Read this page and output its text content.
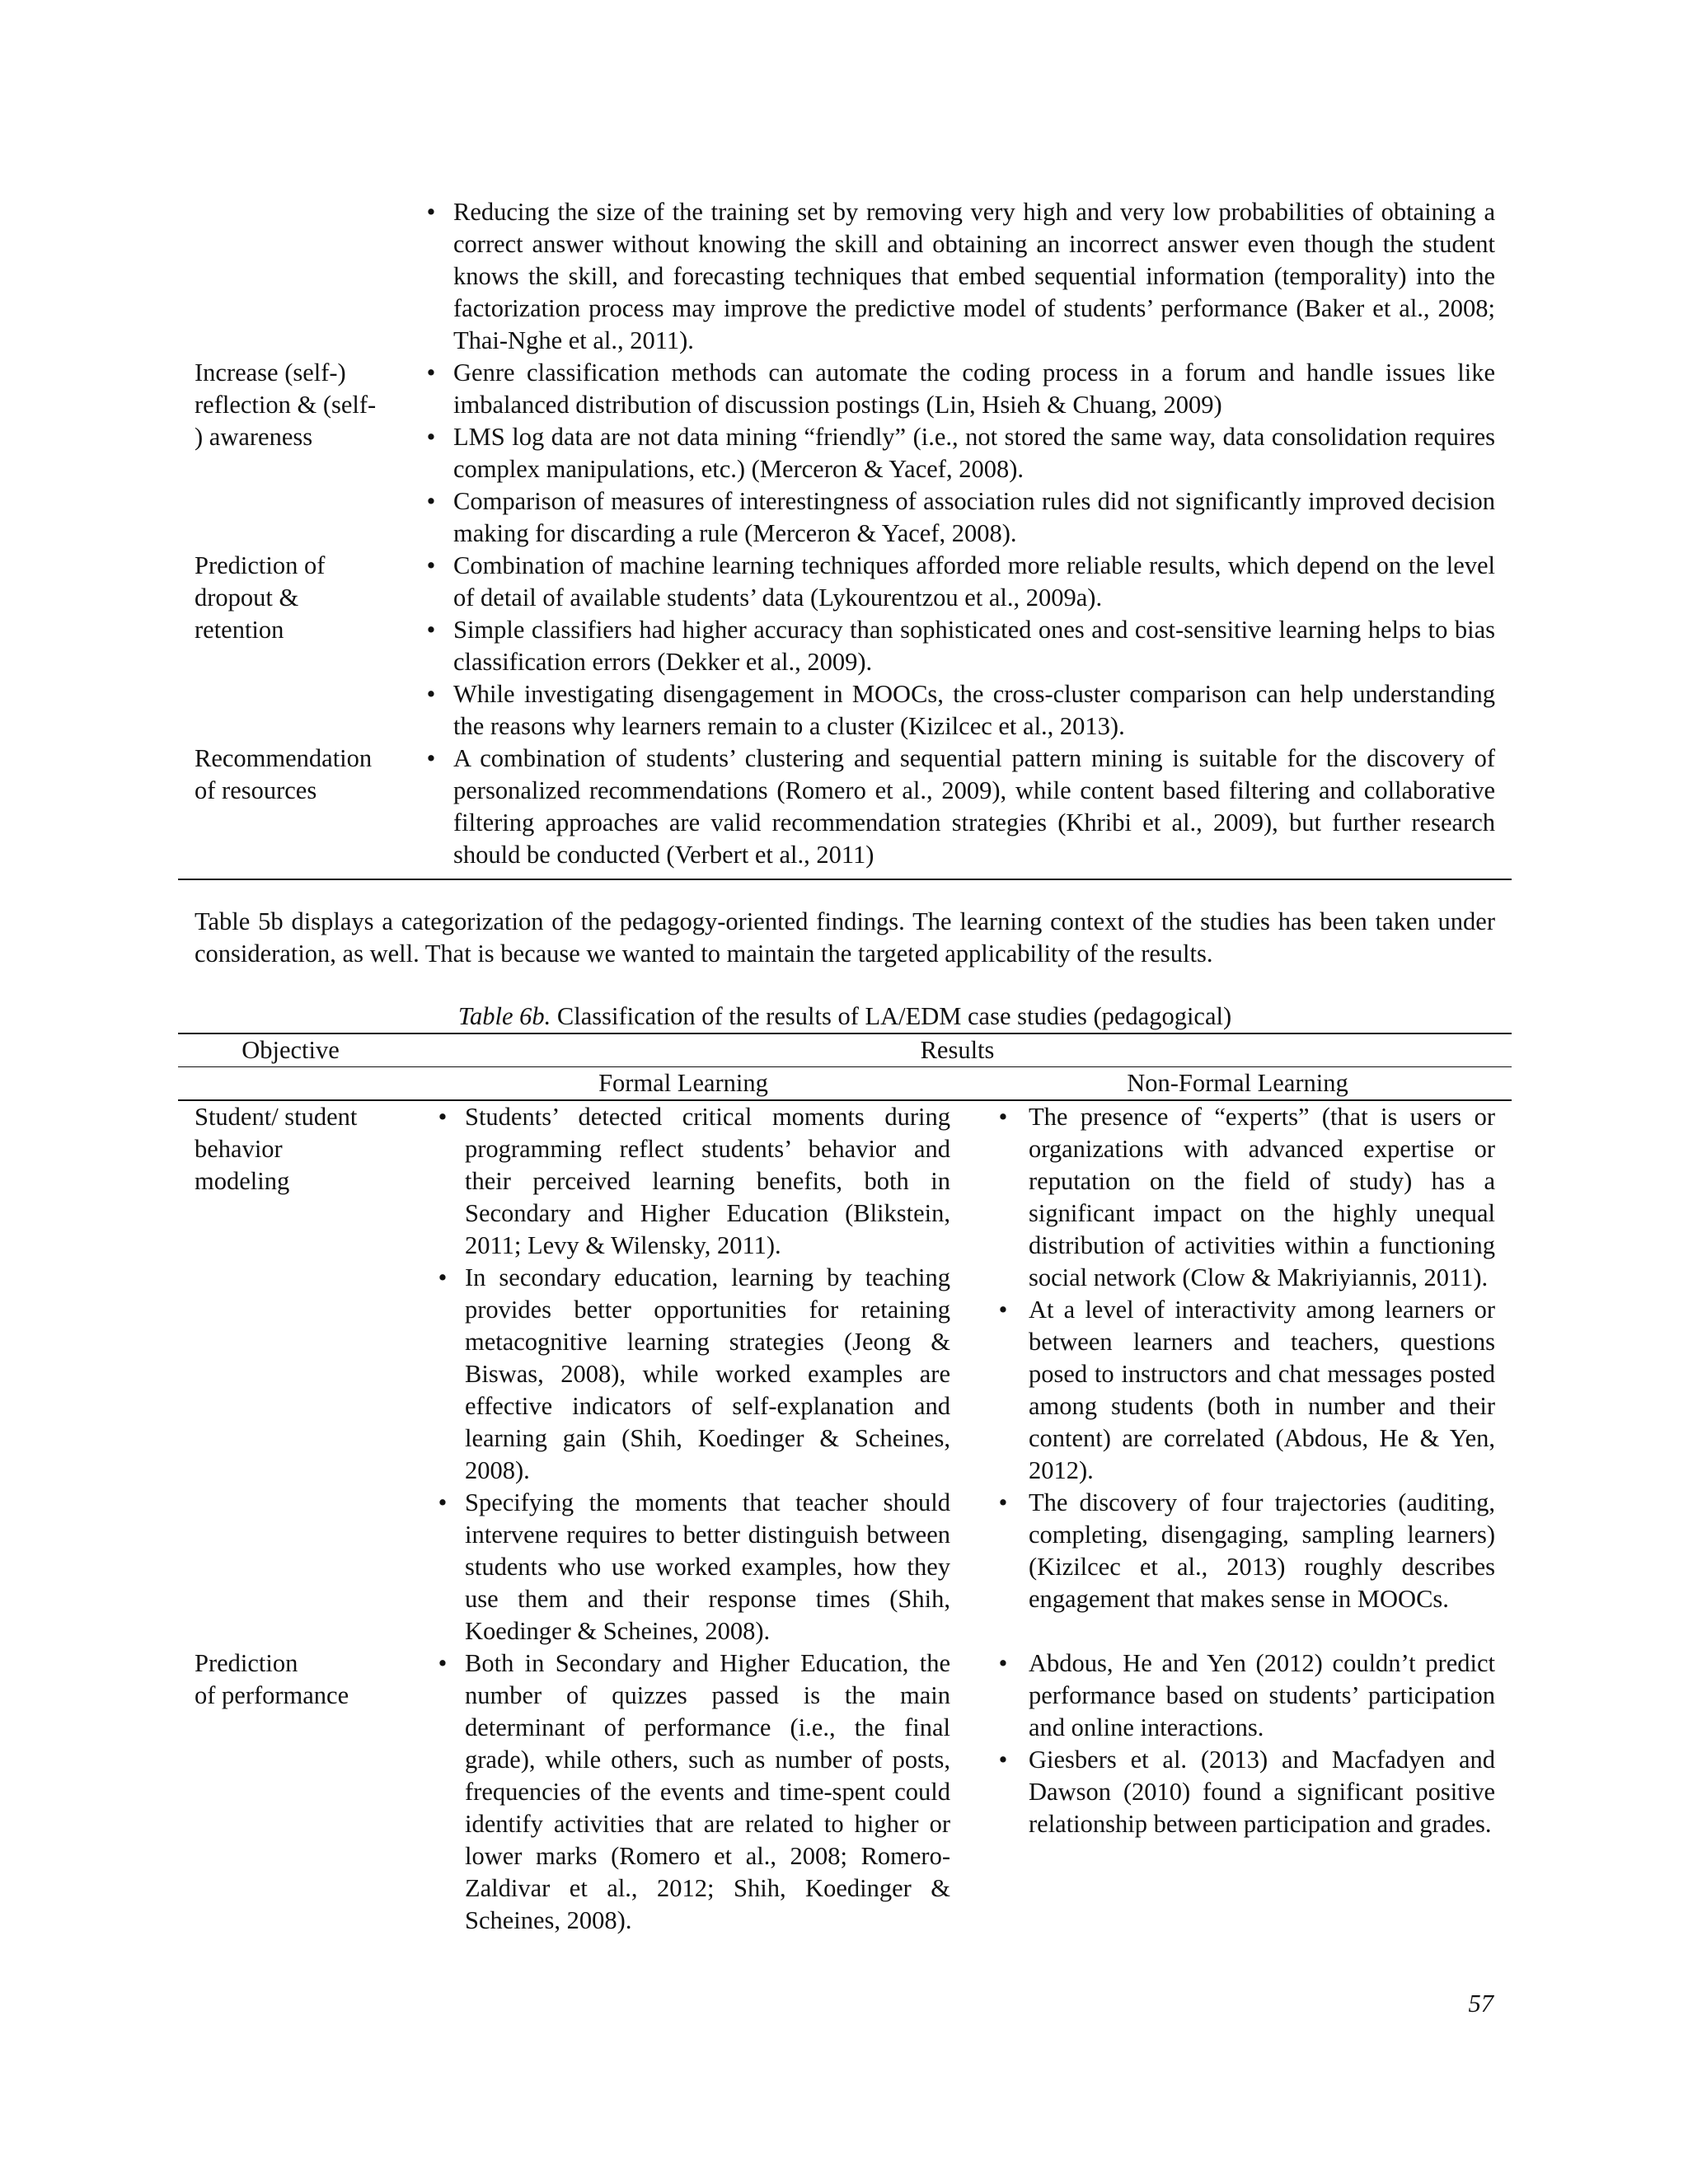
• Reducing the size of the training set by removing very high and very low probabilities of obtaining a correct answer without knowing the skill and obtaining an incorrect answer even though the student knows the skill, and forecasting techniques that embed sequential information (temporality) into the factorization process may improve the predictive model of students’ performance (Baker et al., 2008; Thai-Nghe et al., 2011).
Increase (self-)
reflection & (self-
) awareness
• Genre classification methods can automate the coding process in a forum and handle issues like imbalanced distribution of discussion postings (Lin, Hsieh & Chuang, 2009)
• LMS log data are not data mining “friendly” (i.e., not stored the same way, data consolidation requires complex manipulations, etc.) (Merceron & Yacef, 2008).
• Comparison of measures of interestingness of association rules did not significantly improved decision making for discarding a rule (Merceron & Yacef, 2008).
Prediction of
dropout &
retention
• Combination of machine learning techniques afforded more reliable results, which depend on the level of detail of available students’ data (Lykourentzou et al., 2009a).
• Simple classifiers had higher accuracy than sophisticated ones and cost-sensitive learning helps to bias classification errors (Dekker et al., 2009).
• While investigating disengagement in MOOCs, the cross-cluster comparison can help understanding the reasons why learners remain to a cluster (Kizilcec et al., 2013).
Recommendation
of resources
• A combination of students’ clustering and sequential pattern mining is suitable for the discovery of personalized recommendations (Romero et al., 2009), while content based filtering and collaborative filtering approaches are valid recommendation strategies (Khribi et al., 2009), but further research should be conducted (Verbert et al., 2011)
Table 5b displays a categorization of the pedagogy-oriented findings. The learning context of the studies has been taken under consideration, as well. That is because we wanted to maintain the targeted applicability of the results.
Table 6b. Classification of the results of LA/EDM case studies (pedagogical)
Objective	Results
Formal Learning	Non-Formal Learning
Student/ student
behavior
modeling
• Students’ detected critical moments during programming reflect students’ behavior and their perceived learning benefits, both in Secondary and Higher Education (Blikstein, 2011; Levy & Wilensky, 2011).
• In secondary education, learning by teaching provides better opportunities for retaining metacognitive learning strategies (Jeong & Biswas, 2008), while worked examples are effective indicators of self-explanation and learning gain (Shih, Koedinger & Scheines, 2008).
• Specifying the moments that teacher should intervene requires to better distinguish between students who use worked examples, how they use them and their response times (Shih, Koedinger & Scheines, 2008).
• The presence of “experts” (that is users or organizations with advanced expertise or reputation on the field of study) has a significant impact on the highly unequal distribution of activities within a functioning social network (Clow & Makriyiannis, 2011).
• At a level of interactivity among learners or between learners and teachers, questions posed to instructors and chat messages posted among students (both in number and their content) are correlated (Abdous, He & Yen, 2012).
• The discovery of four trajectories (auditing, completing, disengaging, sampling learners) (Kizilcec et al., 2013) roughly describes engagement that makes sense in MOOCs.
Prediction
of performance
• Both in Secondary and Higher Education, the number of quizzes passed is the main determinant of performance (i.e., the final grade), while others, such as number of posts, frequencies of the events and time-spent could identify activities that are related to higher or lower marks (Romero et al., 2008; Romero-Zaldivar et al., 2012; Shih, Koedinger & Scheines, 2008).
• Abdous, He and Yen (2012) couldn’t predict performance based on students’ participation and online interactions.
• Giesbers et al. (2013) and Macfadyen and Dawson (2010) found a significant positive relationship between participation and grades.
57
